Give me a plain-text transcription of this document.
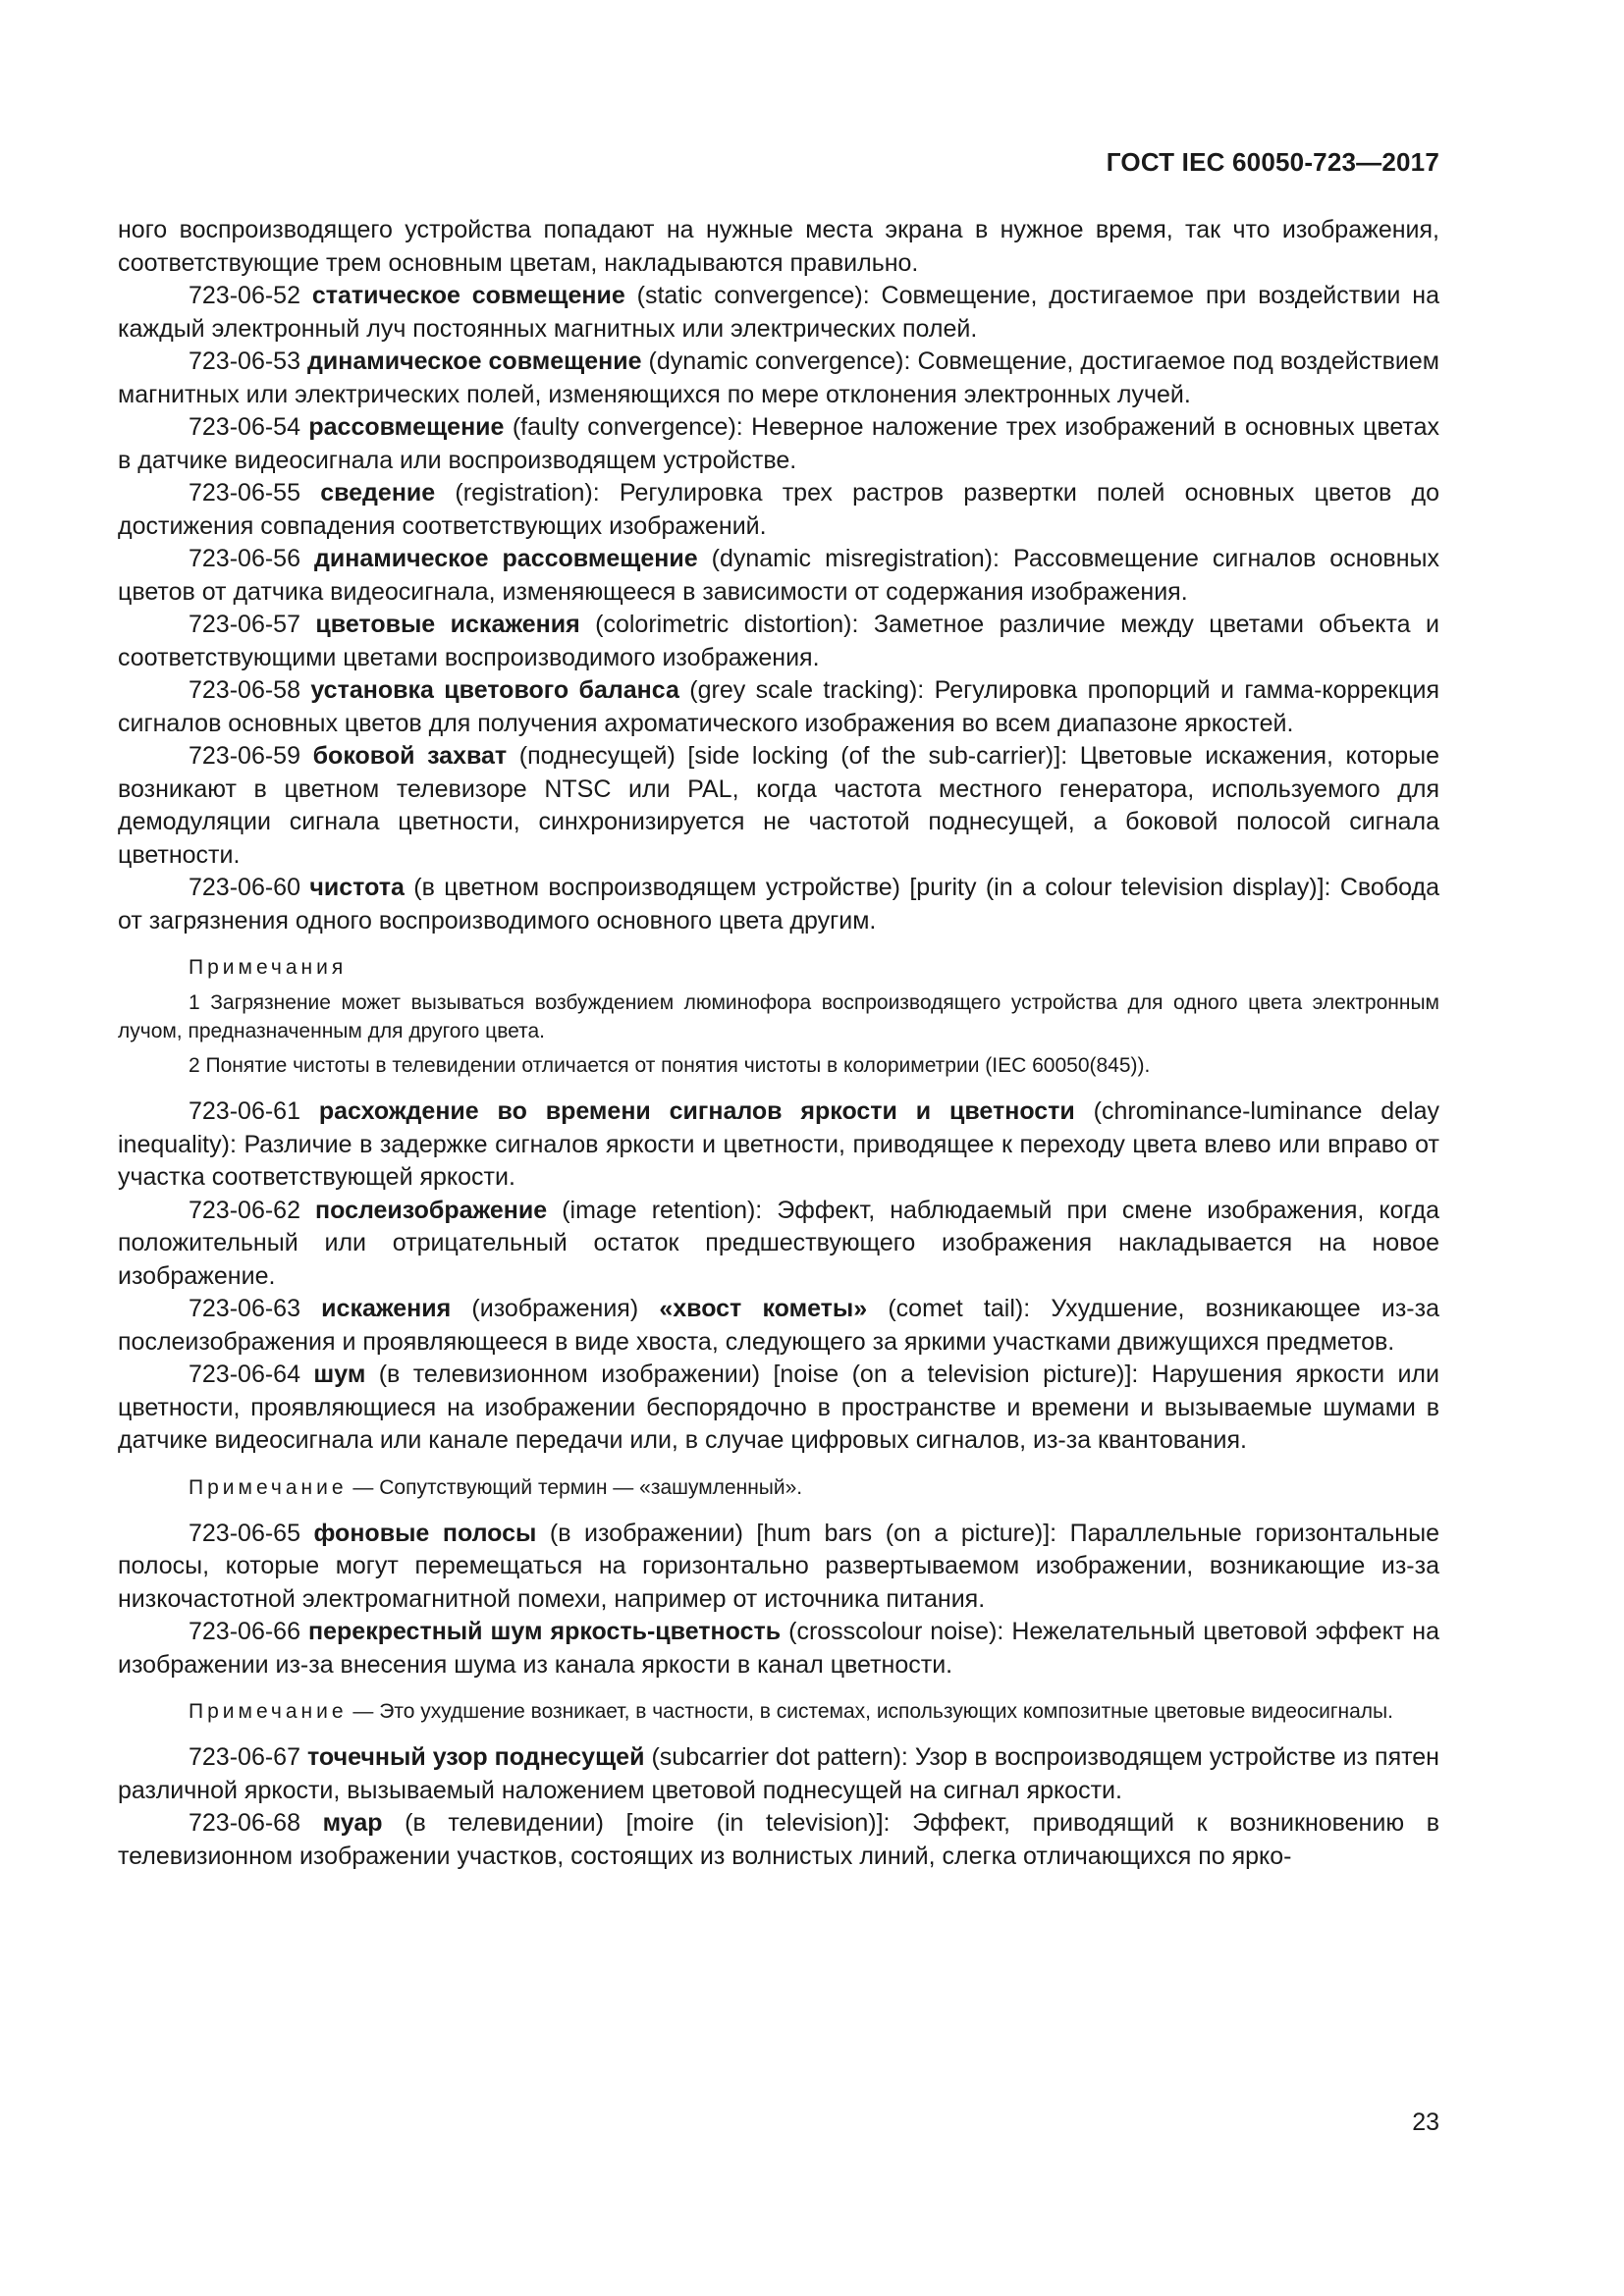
ГОСТ IEC 60050-723—2017

ного воспроизводящего устройства попадают на нужные места экрана в нужное время, так что изображения, соответствующие трем основным цветам, накладываются правильно.

723-06-52 статическое совмещение (static convergence): Совмещение, достигаемое при воздействии на каждый электронный луч постоянных магнитных или электрических полей.

723-06-53 динамическое совмещение (dynamic convergence): Совмещение, достигаемое под воздействием магнитных или электрических полей, изменяющихся по мере отклонения электронных лучей.

723-06-54 рассовмещение (faulty convergence): Неверное наложение трех изображений в основных цветах в датчике видеосигнала или воспроизводящем устройстве.

723-06-55 сведение (registration): Регулировка трех растров развертки полей основных цветов до достижения совпадения соответствующих изображений.

723-06-56 динамическое рассовмещение (dynamic misregistration): Рассовмещение сигналов основных цветов от датчика видеосигнала, изменяющееся в зависимости от содержания изображения.

723-06-57 цветовые искажения (colorimetric distortion): Заметное различие между цветами объекта и соответствующими цветами воспроизводимого изображения.

723-06-58 установка цветового баланса (grey scale tracking): Регулировка пропорций и гамма-коррекция сигналов основных цветов для получения ахроматического изображения во всем диапазоне яркостей.

723-06-59 боковой захват (поднесущей) [side locking (of the sub-carrier)]: Цветовые искажения, которые возникают в цветном телевизоре NTSC или PAL, когда частота местного генератора, используемого для демодуляции сигнала цветности, синхронизируется не частотой поднесущей, а боковой полосой сигнала цветности.

723-06-60 чистота (в цветном воспроизводящем устройстве) [purity (in a colour television display)]: Свобода от загрязнения одного воспроизводимого основного цвета другим.

Примечания
1 Загрязнение может вызываться возбуждением люминофора воспроизводящего устройства для одного цвета электронным лучом, предназначенным для другого цвета.
2 Понятие чистоты в телевидении отличается от понятия чистоты в колориметрии (IEC 60050(845)).

723-06-61 расхождение во времени сигналов яркости и цветности (chrominance-luminance delay inequality): Различие в задержке сигналов яркости и цветности, приводящее к переходу цвета влево или вправо от участка соответствующей яркости.

723-06-62 послеизображение (image retention): Эффект, наблюдаемый при смене изображения, когда положительный или отрицательный остаток предшествующего изображения накладывается на новое изображение.

723-06-63 искажения (изображения) «хвост кометы» (comet tail): Ухудшение, возникающее из-за послеизображения и проявляющееся в виде хвоста, следующего за яркими участками движущихся предметов.

723-06-64 шум (в телевизионном изображении) [noise (on a television picture)]: Нарушения яркости или цветности, проявляющиеся на изображении беспорядочно в пространстве и времени и вызываемые шумами в датчике видеосигнала или канале передачи или, в случае цифровых сигналов, из-за квантования.

Примечание — Сопутствующий термин — «зашумленный».

723-06-65 фоновые полосы (в изображении) [hum bars (on a picture)]: Параллельные горизонтальные полосы, которые могут перемещаться на горизонтально развертываемом изображении, возникающие из-за низкочастотной электромагнитной помехи, например от источника питания.

723-06-66 перекрестный шум яркость-цветность (crosscolour noise): Нежелательный цветовой эффект на изображении из-за внесения шума из канала яркости в канал цветности.

Примечание — Это ухудшение возникает, в частности, в системах, использующих композитные цветовые видеосигналы.

723-06-67 точечный узор поднесущей (subcarrier dot pattern): Узор в воспроизводящем устройстве из пятен различной яркости, вызываемый наложением цветовой поднесущей на сигнал яркости.

723-06-68 муар (в телевидении) [moire (in television)]: Эффект, приводящий к возникновению в телевизионном изображении участков, состоящих из волнистых линий, слегка отличающихся по ярко-

23
